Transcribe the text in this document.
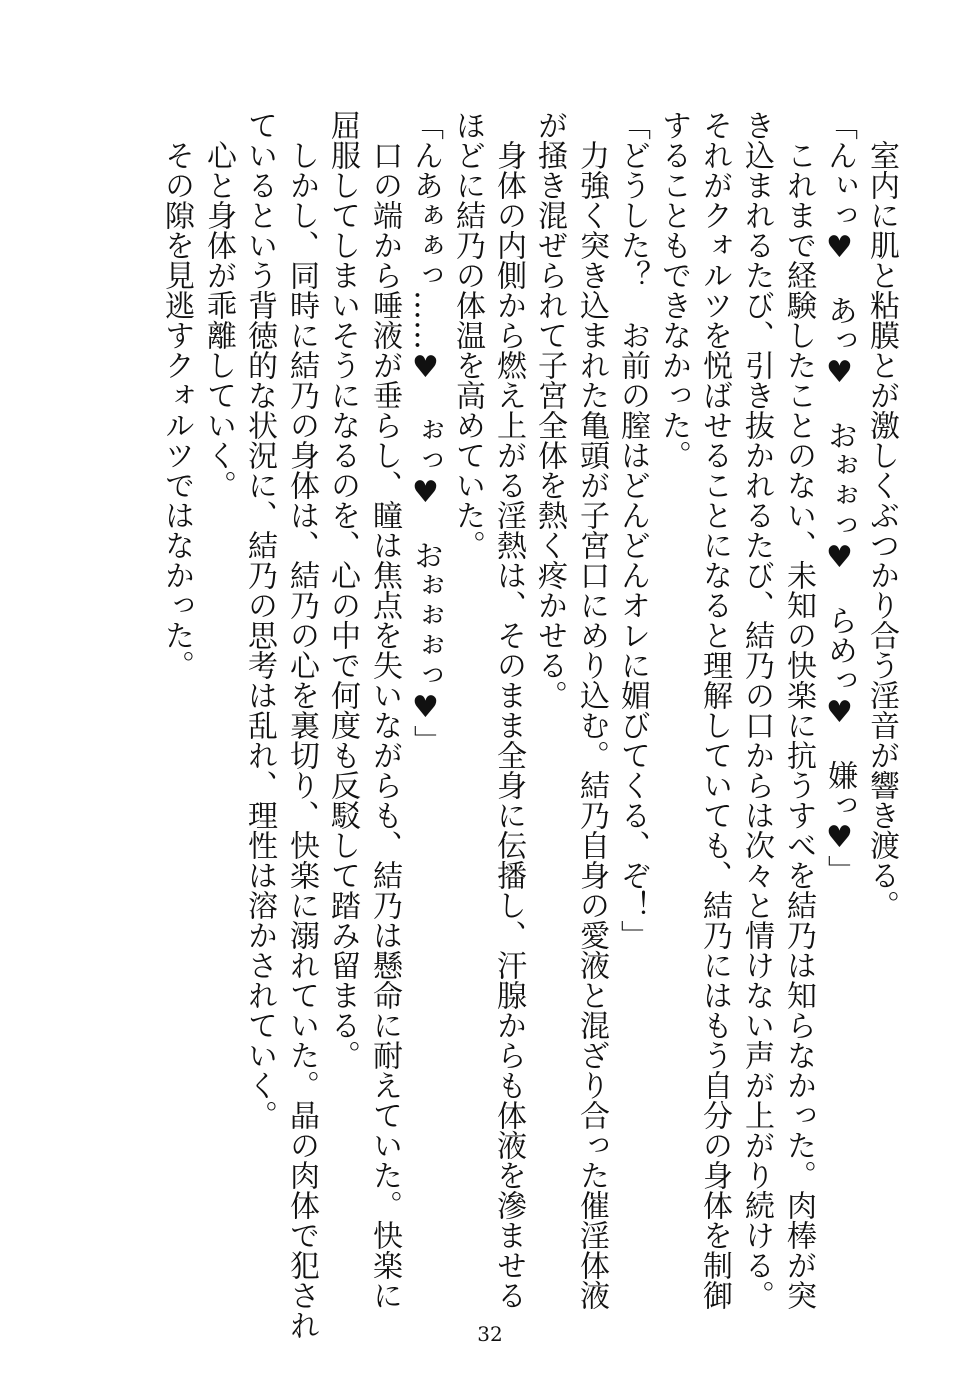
室内に肌と粘膜とが激しくぶつかり合う淫音が響き渡る。
「んぃっ♥　あっ♥　おぉぉっ♥　らめっ♥　嫌っ♥」
これまで経験したことのない、未知の快楽に抗うすべを結乃は知らなかった。肉棒が突
き込まれるたび、引き抜かれるたび、結乃の口からは次々と情けない声が上がり続ける。
それがクォルツを悦ばせることになると理解していても、結乃にはもう自分の身体を制御
することもできなかった。
「どうした？　お前の膣はどんどんオレに媚びてくる、ぞ！」
力強く突き込まれた亀頭が子宮口にめり込む。結乃自身の愛液と混ざり合った催淫体液
が掻き混ぜられて子宮全体を熱く疼かせる。
身体の内側から燃え上がる淫熱は、そのまま全身に伝播し、汗腺からも体液を滲ませる
ほどに結乃の体温を高めていた。
「んあぁぁっ……♥　ぉっ♥　おぉぉぉっ♥」
口の端から唾液が垂らし、瞳は焦点を失いながらも、結乃は懸命に耐えていた。快楽に
屈服してしまいそうになるのを、心の中で何度も反駁して踏み留まる。
しかし、同時に結乃の身体は、結乃の心を裏切り、快楽に溺れていた。晶の肉体で犯され
ているという背徳的な状況に、結乃の思考は乱れ、理性は溶かされていく。
心と身体が乖離していく。
その隙を見逃すクォルツではなかった。
32
